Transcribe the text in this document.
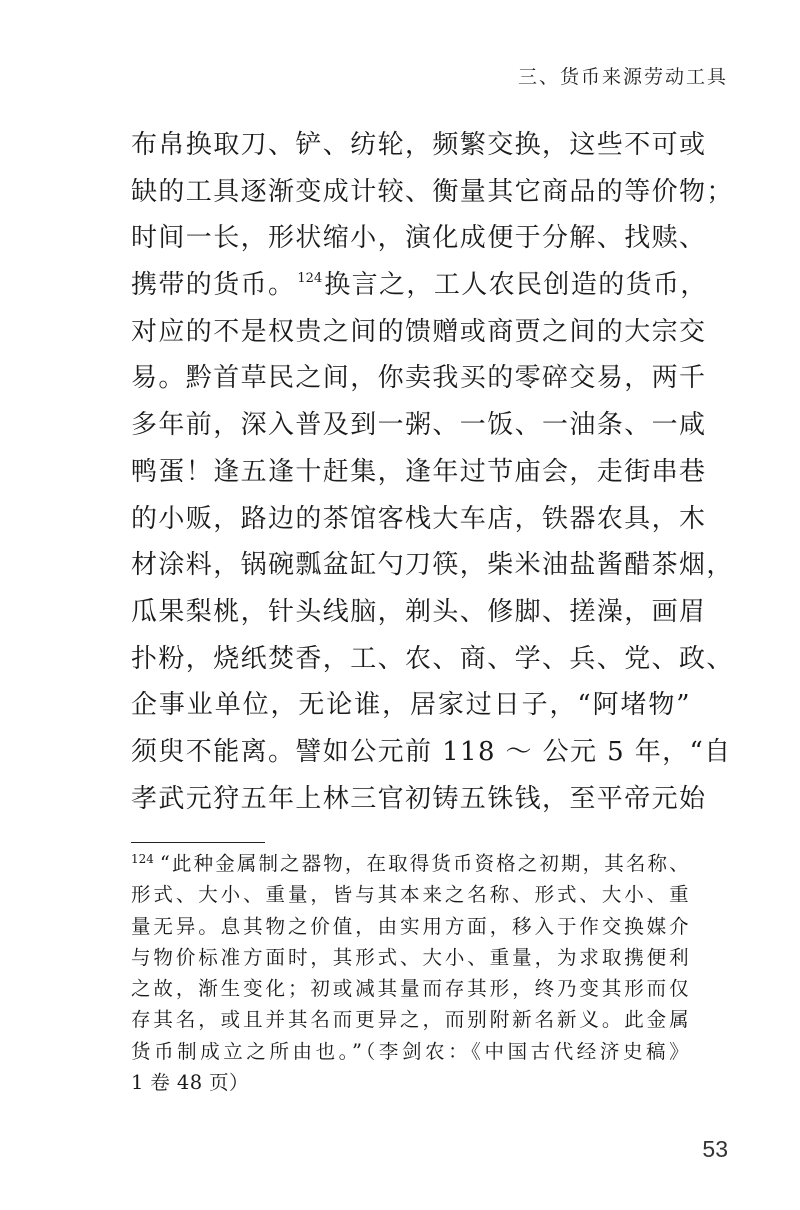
三、货币来源劳动工具
布帛换取刀、铲、纺轮，频繁交换，这些不可或
缺的工具逐渐变成计较、衡量其它商品的等价物；
时间一长，形状缩小，演化成便于分解、找赎、
携带的货币。 $^{124}$换言之，工人农民创造的货币，
对应的不是权贵之间的馈赠或商贾之间的大宗交
易。黔首草民之间，你卖我买的零碎交易，两千
多年前，深入普及到一粥、一饭、一油条、一咸
鸭蛋！逢五逢十赶集，逢年过节庙会，走街串巷
的小贩，路边的茶馆客栈大车店，铁器农具，木
材涂料，锅碗瓢盆缸勺刀筷，柴米油盐酱醋茶烟，
瓜果梨桃，针头线脑，剃头、修脚、搓澡，画眉
扑粉，烧纸焚香，工、农、商、学、兵、党、政、
企事业单位，无论谁，居家过日子，“阿堵物”
须臾不能离。譬如公元前 118 ～ 公元 5 年，“自
孝武元狩五年上林三官初铸五铢钱，至平帝元始
$^{124}$ “此种金属制之器物，在取得货币资格之初期，其名称、
形式、大小、重量，皆与其本来之名称、形式、大小、重
量无异。息其物之价值，由实用方面，移入于作交换媒介
与物价标准方面时，其形式、大小、重量，为求取携便利
之故，渐生变化；初或减其量而存其形，终乃变其形而仅
存其名，或且并其名而更异之，而别附新名新义。此金属
货币制成立之所由也。”（李剑农：《中国古代经济史稿》
1 卷 48 页）
53
